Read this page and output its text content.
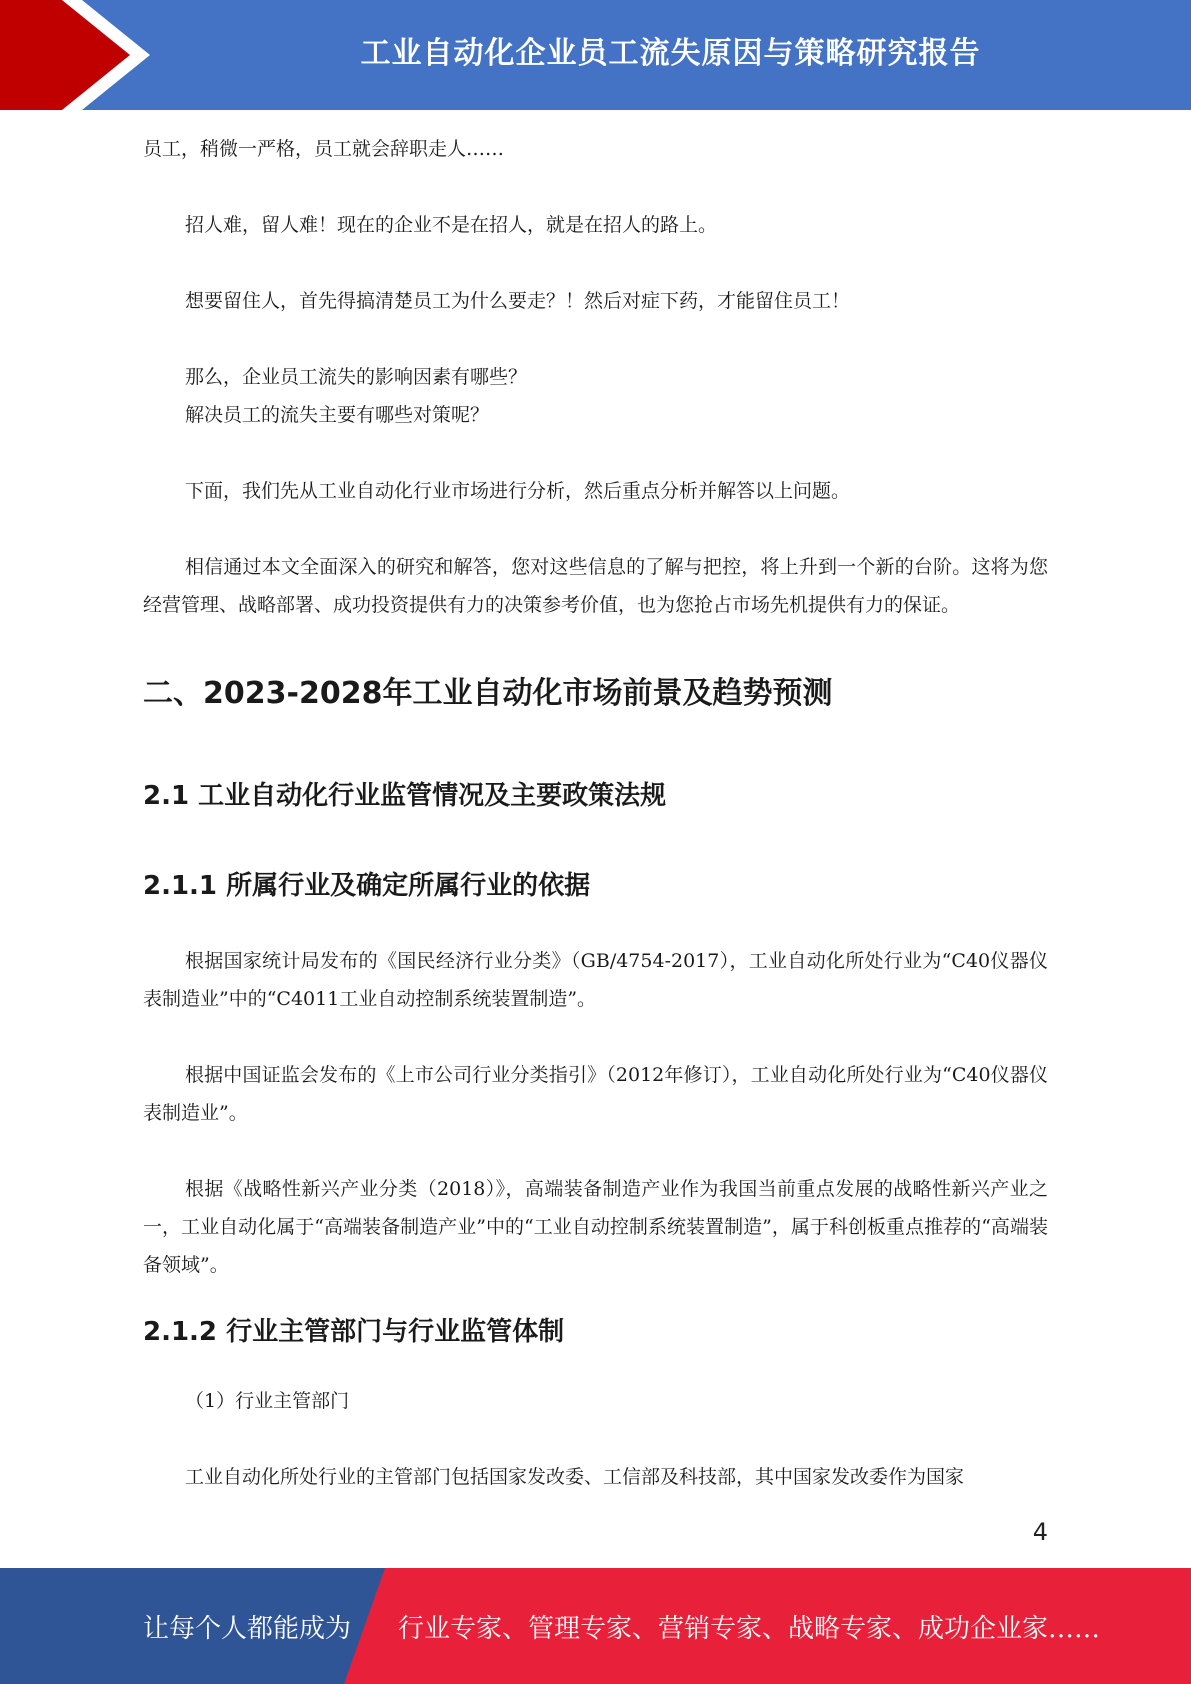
工业自动化企业员工流失原因与策略研究报告

员工，稍微一严格，员工就会辞职走人……

招人难，留人难！现在的企业不是在招人，就是在招人的路上。

想要留住人，首先得搞清楚员工为什么要走？！然后对症下药，才能留住员工！

那么，企业员工流失的影响因素有哪些？

解决员工的流失主要有哪些对策呢？

下面，我们先从工业自动化行业市场进行分析，然后重点分析并解答以上问题。

相信通过本文全面深入的研究和解答，您对这些信息的了解与把控，将上升到一个新的台阶。这将为您经营管理、战略部署、成功投资提供有力的决策参考价值，也为您抢占市场先机提供有力的保证。

二、2023-2028年工业自动化市场前景及趋势预测
2.1 工业自动化行业监管情况及主要政策法规
2.1.1 所属行业及确定所属行业的依据

根据国家统计局发布的《国民经济行业分类》（GB/4754-2017），工业自动化所处行业为“C40仪器仪表制造业”中的“C4011工业自动控制系统装置制造”。

根据中国证监会发布的《上市公司行业分类指引》（2012年修订），工业自动化所处行业为“C40仪器仪表制造业”。

根据《战略性新兴产业分类（2018）》，高端装备制造产业作为我国当前重点发展的战略性新兴产业之一，工业自动化属于“高端装备制造产业”中的“工业自动控制系统装置制造”，属于科创板重点推荐的“高端装备领域”。

2.1.2 行业主管部门与行业监管体制

（1）行业主管部门

工业自动化所处行业的主管部门包括国家发改委、工信部及科技部，其中国家发改委作为国家

4
让每个人都能成为 行业专家、管理专家、营销专家、战略专家、成功企业家……
